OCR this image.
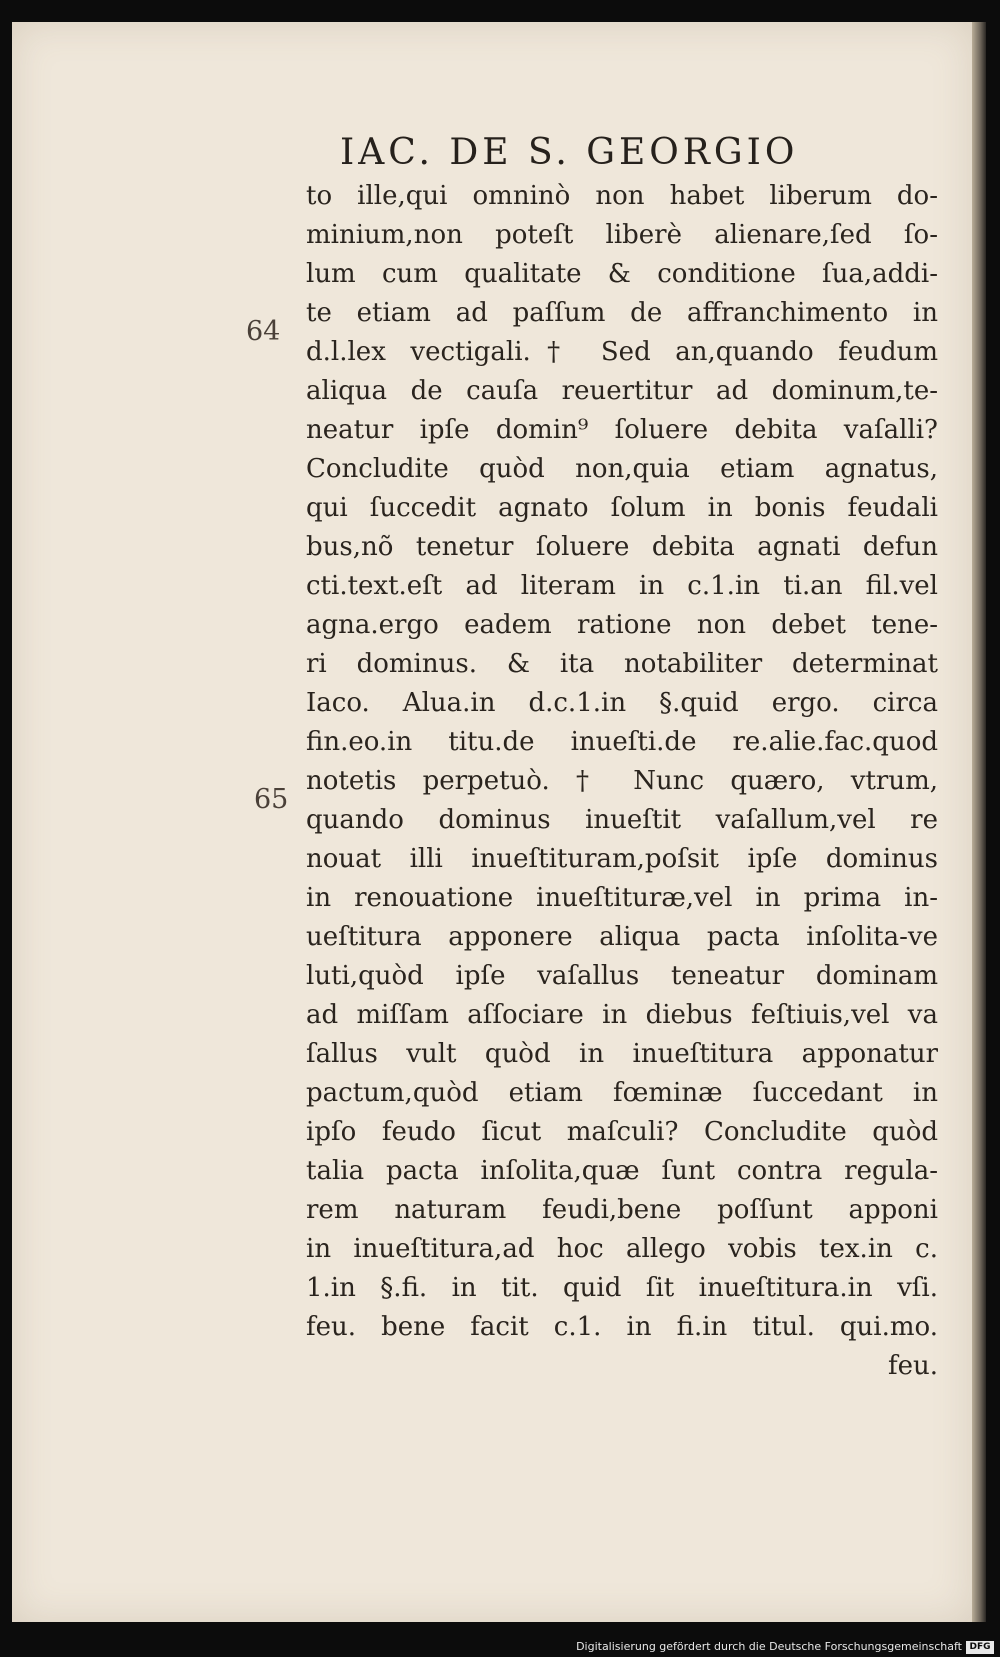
IAC. DE S. GEORGIO
64
65
to ille,qui omninò non habet liberum do-
minium,non poteſt liberè alienare,ſed ſo-
lum cum qualitate & conditione ſua,addi-
te etiam ad paſſum de affranchimento in
d.l.lex vectigali.† Sed an,quando feudum
aliqua de cauſa reuertitur ad dominum,te-
neatur ipſe domin⁹ ſoluere debita vaſalli?
Concludite quòd non,quia etiam agnatus,
qui ſuccedit agnato ſolum in bonis feudali
bus,nõ tenetur ſoluere debita agnati defun
cti.text.eſt ad literam in c.1.in ti.an fil.vel
agna.ergo eadem ratione non debet tene-
ri dominus. & ita notabiliter determinat
Iaco. Alua.in d.c.1.in §.quid ergo. circa
fin.eo.in titu.de inueſti.de re.alie.fac.quod
notetis perpetuò. † Nunc quæro, vtrum,
quando dominus inueſtit vaſallum,vel re
nouat illi inueſtituram,poſsit ipſe dominus
in renouatione inueſtituræ,vel in prima in-
ueſtitura apponere aliqua pacta inſolita-ve
luti,quòd ipſe vaſallus teneatur dominam
ad miſſam aſſociare in diebus feſtiuis,vel va
ſallus vult quòd in inueſtitura apponatur
pactum,quòd etiam fœminæ ſuccedant in
ipſo feudo ſicut maſculi? Concludite quòd
talia pacta inſolita,quæ ſunt contra regula-
rem naturam feudi,bene poſſunt apponi
in inueſtitura,ad hoc allego vobis tex.in c.
1.in §.fi. in tit. quid ſit inueſtitura.in vſi.
feu. bene facit c.1. in fi.in titul. qui.mo.
feu.
Digitalisierung gefördert durch die Deutsche Forschungsgemeinschaft DFG
